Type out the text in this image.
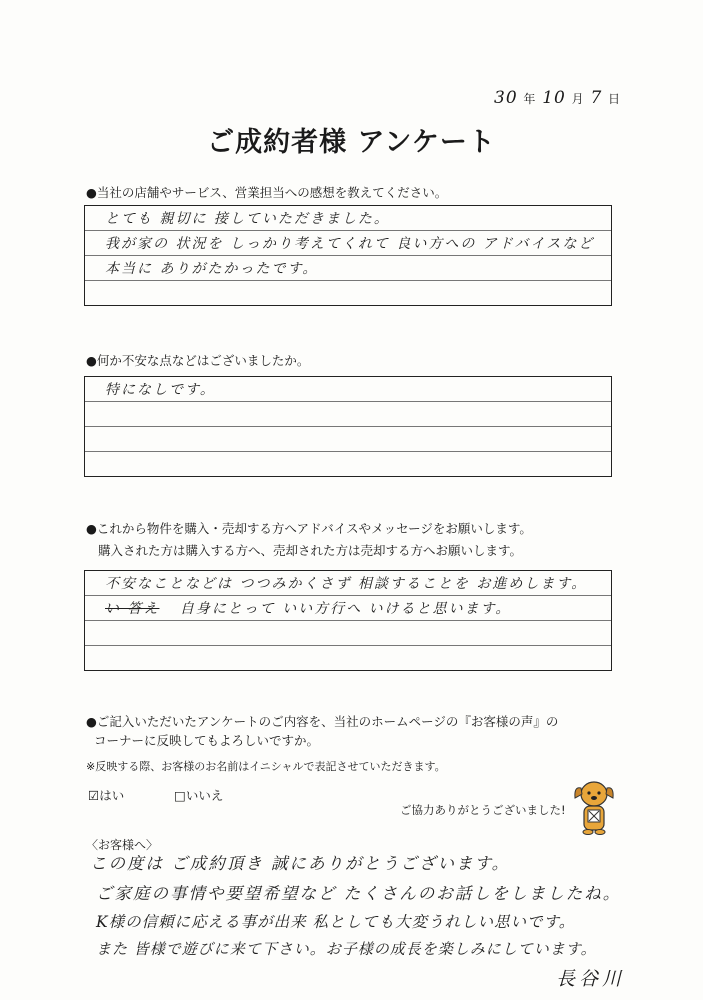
30 年 10 月 7 日
ご成約者様 アンケート
●当社の店舗やサービス、営業担当への感想を教えてください。
とても 親切に 接していただきました。
我が家の 状況を しっかり考えてくれて 良い方への アドバイスなど
本当に ありがたかったです。
●何か不安な点などはございましたか。
特になしです。
●これから物件を購入・売却する方へアドバイスやメッセージをお願いします。
購入された方は購入する方へ、売却された方は売却する方へお願いします。
不安なことなどは つつみかくさず 相談することを お進めします。
い 答え 自身にとって いい方行へ いけると思います。
●ご記入いただいたアンケートのご内容を、当社のホームページの『お客様の声』の
コーナーに反映してもよろしいですか。
※反映する際、お客様のお名前はイニシャルで表記させていただきます。
☑はい	□いいえ
ご協力ありがとうございました!
〈お客様へ〉
この度は ご成約頂き 誠にありがとうございます。
ご家庭の事情や要望希望など たくさんのお話しをしましたね。
K様の信頼に応える事が出来 私としても大変うれしい思いです。
また 皆様で遊びに来て下さい。お子様の成長を楽しみにしています。
長谷川
